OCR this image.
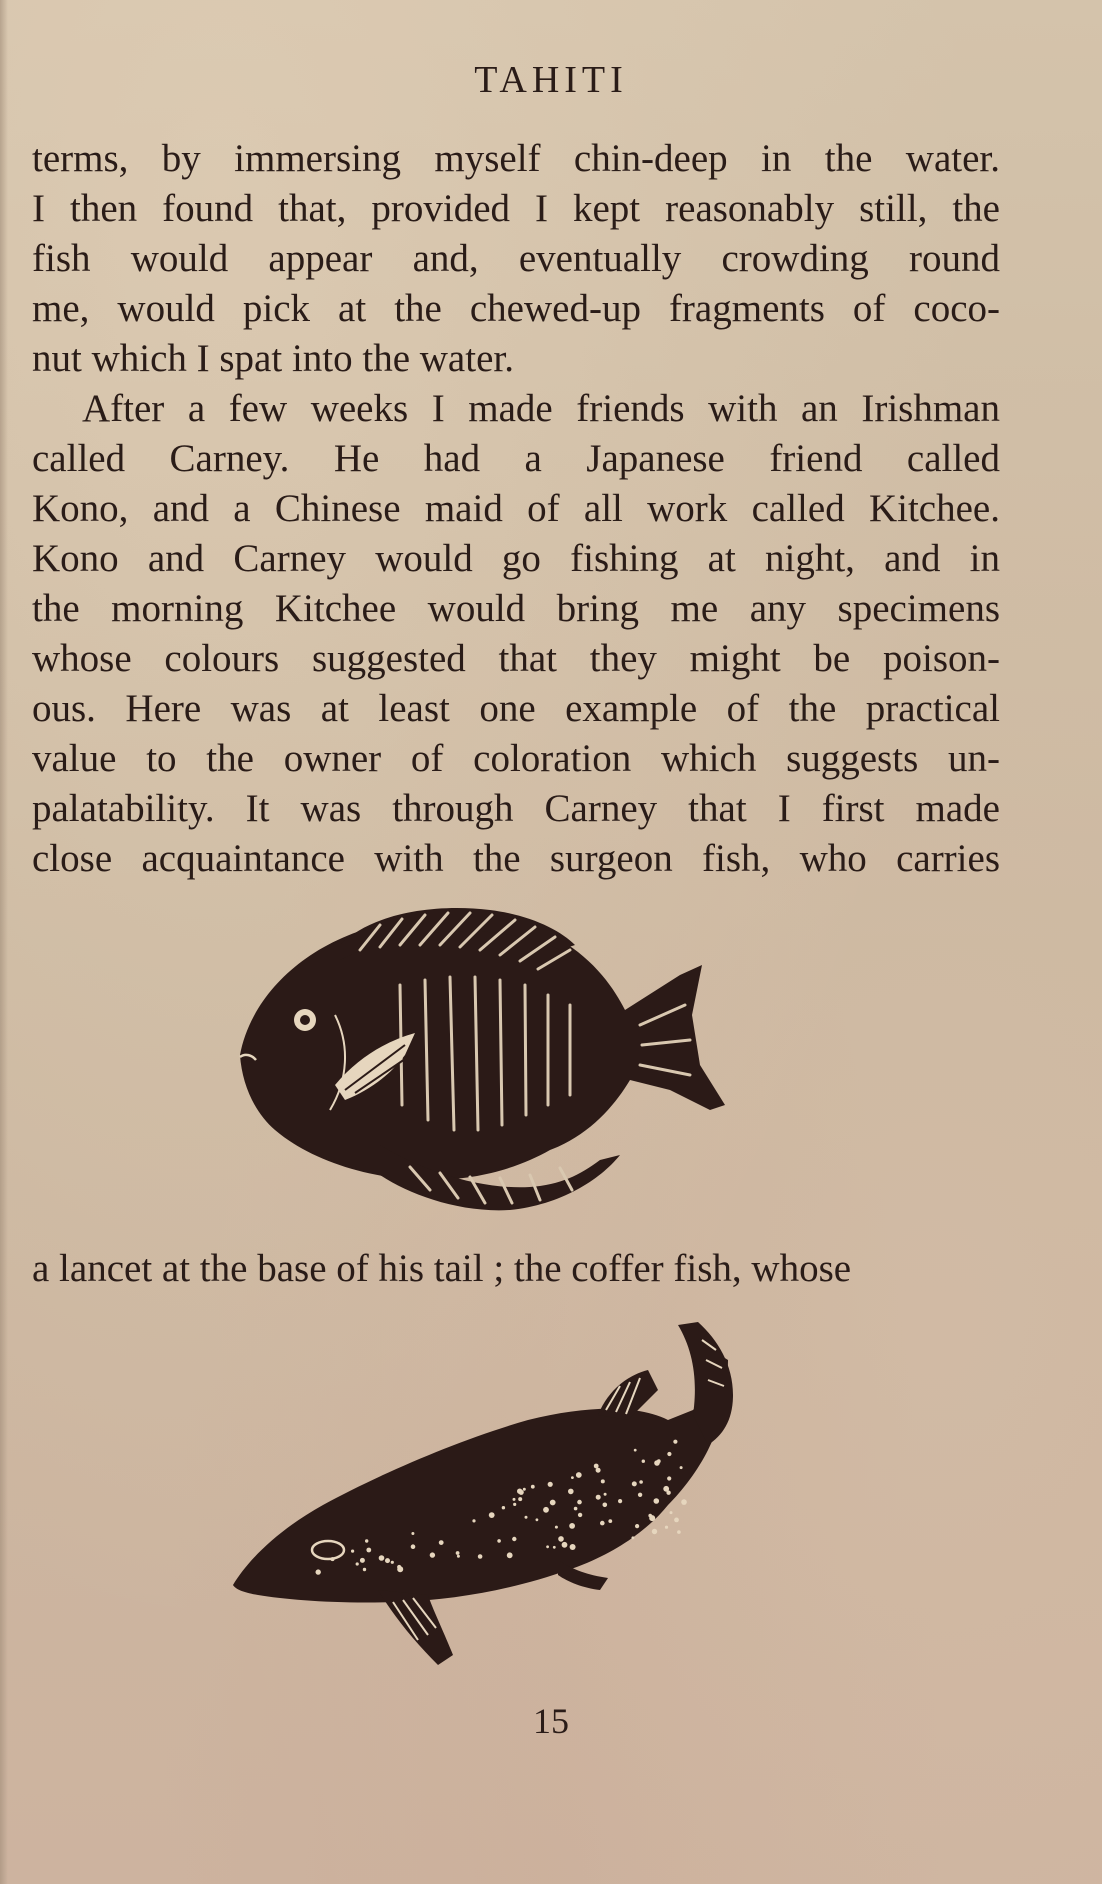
TAHITI
terms, by immersing myself chin-deep in the water.
I then found that, provided I kept reasonably still, the
fish would appear and, eventually crowding round
me, would pick at the chewed-up fragments of coco-
nut which I spat into the water.
After a few weeks I made friends with an Irishman
called Carney. He had a Japanese friend called
Kono, and a Chinese maid of all work called Kitchee.
Kono and Carney would go fishing at night, and in
the morning Kitchee would bring me any specimens
whose colours suggested that they might be poison-
ous. Here was at least one example of the practical
value to the owner of coloration which suggests un-
palatability. It was through Carney that I first made
close acquaintance with the surgeon fish, who carries
a lancet at the base of his tail ; the coffer fish, whose
15
